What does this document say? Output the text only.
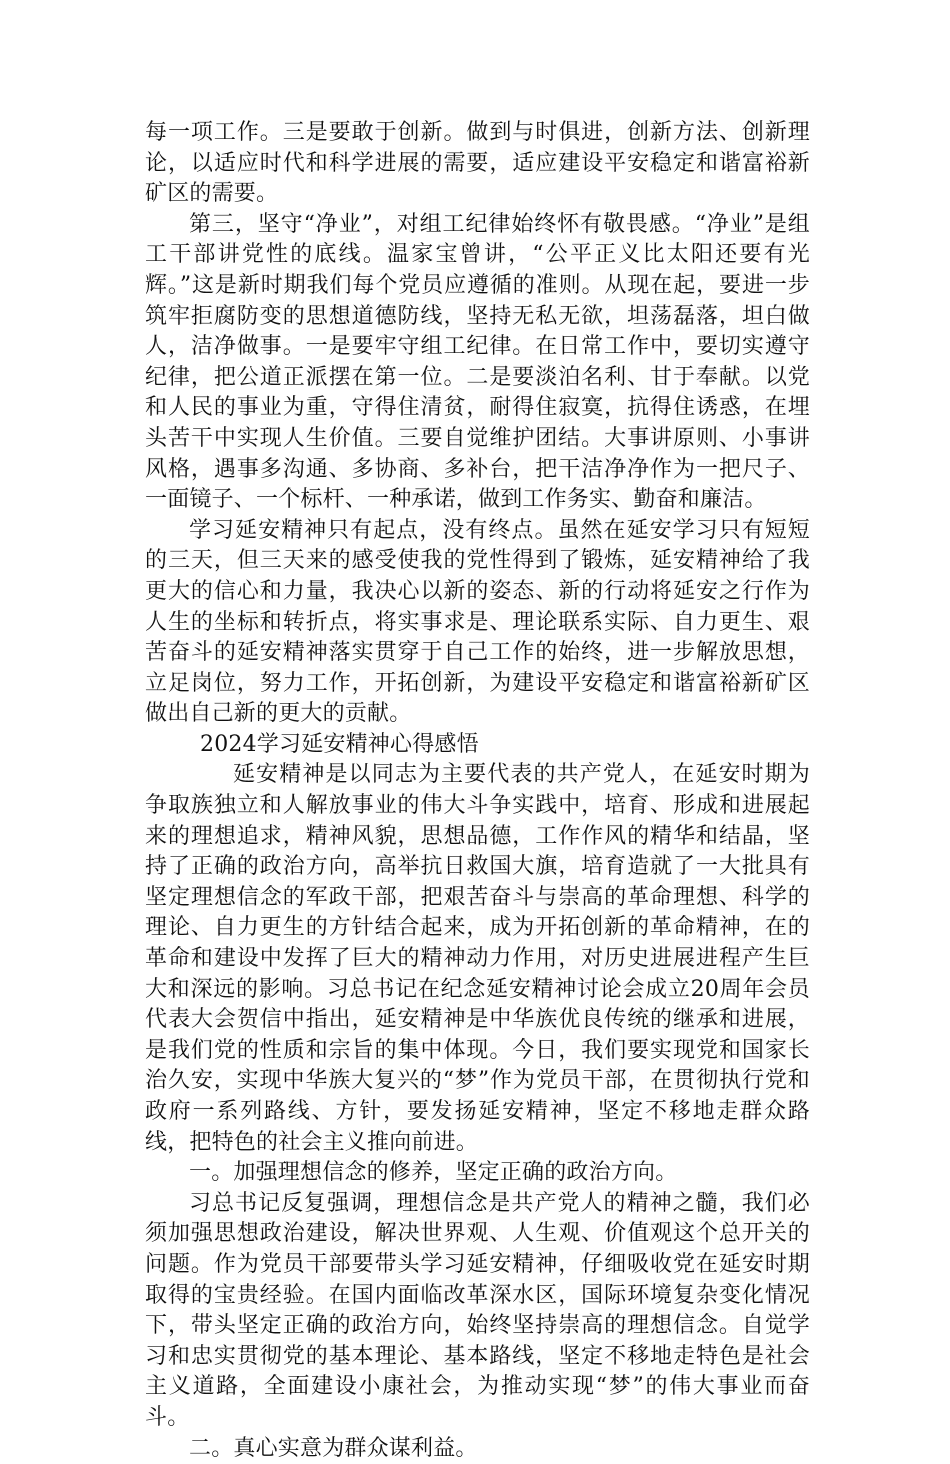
每一项工作。三是要敢于创新。做到与时俱进，创新方法、创新理论，以适应时代和科学进展的需要，适应建设平安稳定和谐富裕新矿区的需要。

第三，坚守“净业”，对组工纪律始终怀有敬畏感。“净业”是组工干部讲党性的底线。温家宝曾讲，“公平正义比太阳还要有光辉。”这是新时期我们每个党员应遵循的准则。从现在起，要进一步筑牢拒腐防变的思想道德防线，坚持无私无欲，坦荡磊落，坦白做人，洁净做事。一是要牢守组工纪律。在日常工作中，要切实遵守纪律，把公道正派摆在第一位。二是要淡泊名利、甘于奉献。以党和人民的事业为重，守得住清贫，耐得住寂寞，抗得住诱惑，在埋头苦干中实现人生价值。三要自觉维护团结。大事讲原则、小事讲风格，遇事多沟通、多协商、多补台，把干洁净净作为一把尺子、一面镜子、一个标杆、一种承诺，做到工作务实、勤奋和廉洁。

学习延安精神只有起点，没有终点。虽然在延安学习只有短短的三天，但三天来的感受使我的党性得到了锻炼，延安精神给了我更大的信心和力量，我决心以新的姿态、新的行动将延安之行作为人生的坐标和转折点，将实事求是、理论联系实际、自力更生、艰苦奋斗的延安精神落实贯穿于自己工作的始终，进一步解放思想，立足岗位，努力工作，开拓创新，为建设平安稳定和谐富裕新矿区做出自己新的更大的贡献。

2024学习延安精神心得感悟

延安精神是以同志为主要代表的共产党人，在延安时期为争取族独立和人解放事业的伟大斗争实践中，培育、形成和进展起来的理想追求，精神风貌，思想品德，工作作风的精华和结晶，坚持了正确的政治方向，高举抗日救国大旗，培育造就了一大批具有坚定理想信念的军政干部，把艰苦奋斗与崇高的革命理想、科学的理论、自力更生的方针结合起来，成为开拓创新的革命精神，在的革命和建设中发挥了巨大的精神动力作用，对历史进展进程产生巨大和深远的影响。习总书记在纪念延安精神讨论会成立20周年会员代表大会贺信中指出，延安精神是中华族优良传统的继承和进展，是我们党的性质和宗旨的集中体现。今日，我们要实现党和国家长治久安，实现中华族大复兴的“梦”作为党员干部，在贯彻执行党和政府一系列路线、方针，要发扬延安精神，坚定不移地走群众路线，把特色的社会主义推向前进。

一。加强理想信念的修养，坚定正确的政治方向。

习总书记反复强调，理想信念是共产党人的精神之髓，我们必须加强思想政治建设，解决世界观、人生观、价值观这个总开关的问题。作为党员干部要带头学习延安精神，仔细吸收党在延安时期取得的宝贵经验。在国内面临改革深水区，国际环境复杂变化情况下，带头坚定正确的政治方向，始终坚持崇高的理想信念。自觉学习和忠实贯彻党的基本理论、基本路线，坚定不移地走特色是社会主义道路，全面建设小康社会，为推动实现“梦”的伟大事业而奋斗。

二。真心实意为群众谋利益。
